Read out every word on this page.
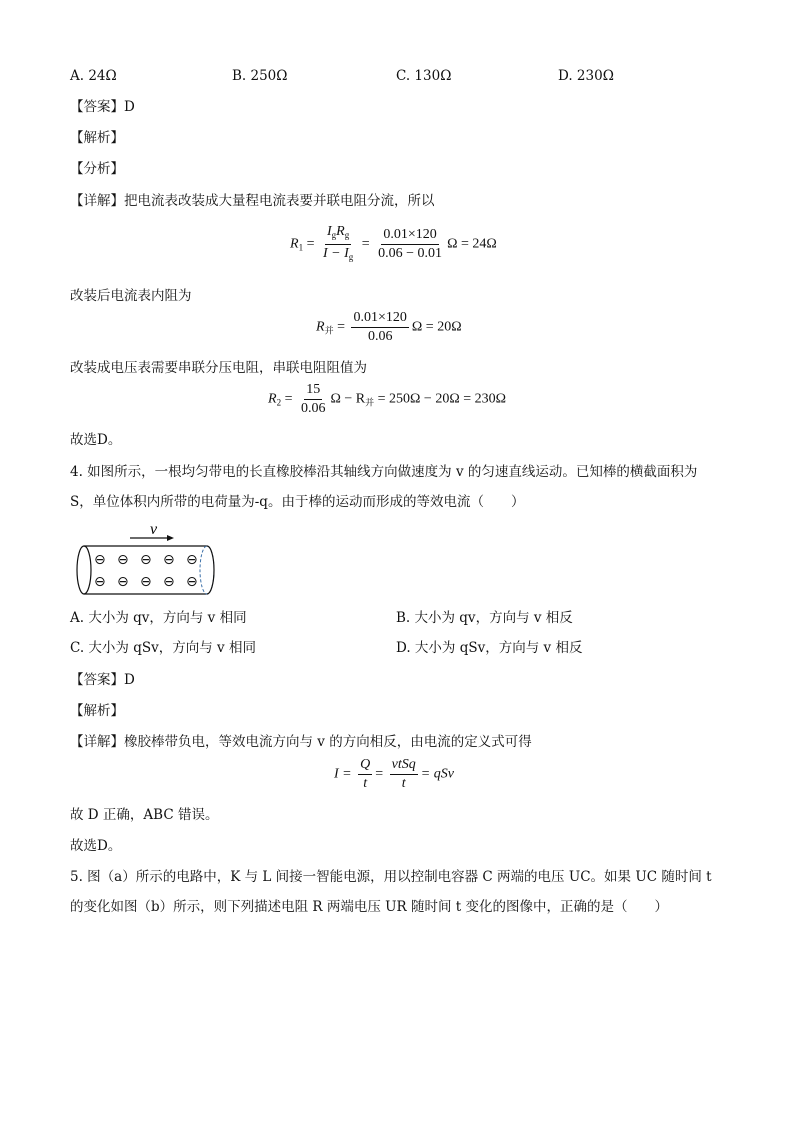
A. 24Ω	B. 250Ω	C. 130Ω	D. 230Ω
【答案】D
【解析】
【分析】
【详解】把电流表改装成大量程电流表要并联电阻分流，所以
$R_1 = \frac{I_gR_g}{I - I_g} = \frac{0.01\times 120}{0.06 - 0.01}$ Ω = 24Ω
改装后电流表内阻为
$R_并 = \frac{0.01\times 120}{0.06}$ Ω = 20Ω
改装成电压表需要串联分压电阻，串联电阻阻值为
$R_2 = \frac{15}{0.06}$ $\Omega - R_并 = 250\Omega - 20\Omega = 230\Omega$
故选D。
4. 如图所示，一根均匀带电的长直橡胶棒沿其轴线方向做速度为 v 的匀速直线运动。已知棒的横截面积为
S，单位体积内所带的电荷量为-q。由于棒的运动而形成的等效电流（　　）
v
⊖ ⊖ ⊖ ⊖ ⊖
⊖ ⊖ ⊖ ⊖ ⊖
A. 大小为 qv，方向与 v 相同	B. 大小为 qv，方向与 v 相反
C. 大小为 qSv，方向与 v 相同	D. 大小为 qSv，方向与 v 相反
【答案】D
【解析】
【详解】橡胶棒带负电，等效电流方向与 v 的方向相反，由电流的定义式可得
$I = \frac{Q}{t} = \frac{\text{vtSq}}{t}$ = qSv
故 D 正确，ABC 错误。
故选D。
5. 图（a）所示的电路中，K 与 L 间接一智能电源，用以控制电容器 C 两端的电压 UC。如果 UC 随时间 t
的变化如图（b）所示，则下列描述电阻 R 两端电压 UR 随时间 t 变化的图像中，正确的是（　　）
